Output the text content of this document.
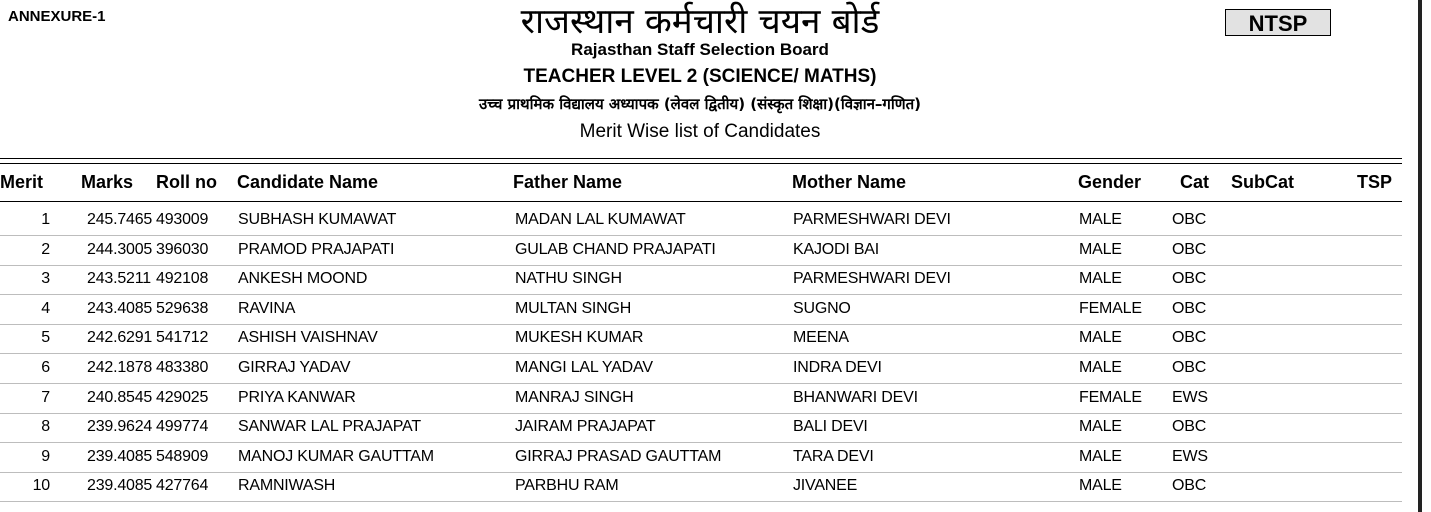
ANNEXURE-1	NTSP
राजस्थान कर्मचारी चयन बोर्ड
Rajasthan Staff Selection Board
TEACHER LEVEL 2 (SCIENCE/ MATHS)
उच्च प्राथमिक विद्यालय अध्यापक (लेवल द्वितीय) (संस्कृत शिक्षा)(विज्ञान–गणित)
Merit Wise list of Candidates
Merit Marks Roll no Candidate Name	Father Name	Mother Name	Gender Cat SubCat	TSP
1 245.7465 493009 SUBHASH KUMAWAT	MADAN LAL KUMAWAT	PARMESHWARI DEVI	MALE	OBC
2 244.3005 396030 PRAMOD PRAJAPATI	GULAB CHAND PRAJAPATI	KAJODI BAI	MALE	OBC
3 243.5211 492108 ANKESH MOOND	NATHU SINGH	PARMESHWARI DEVI	MALE	OBC
4 243.4085 529638 RAVINA	MULTAN SINGH	SUGNO	FEMALE OBC
5 242.6291 541712 ASHISH VAISHNAV	MUKESH KUMAR	MEENA	MALE	OBC
6 242.1878 483380 GIRRAJ YADAV	MANGI LAL YADAV	INDRA DEVI	MALE	OBC
7 240.8545 429025 PRIYA KANWAR	MANRAJ SINGH	BHANWARI DEVI	FEMALE EWS
8 239.9624 499774 SANWAR LAL PRAJAPAT	JAIRAM PRAJAPAT	BALI DEVI	MALE	OBC
9 239.4085 548909 MANOJ KUMAR GAUTTAM	GIRRAJ PRASAD GAUTTAM	TARA DEVI	MALE	EWS
10 239.4085 427764 RAMNIWASH	PARBHU RAM	JIVANEE	MALE	OBC
